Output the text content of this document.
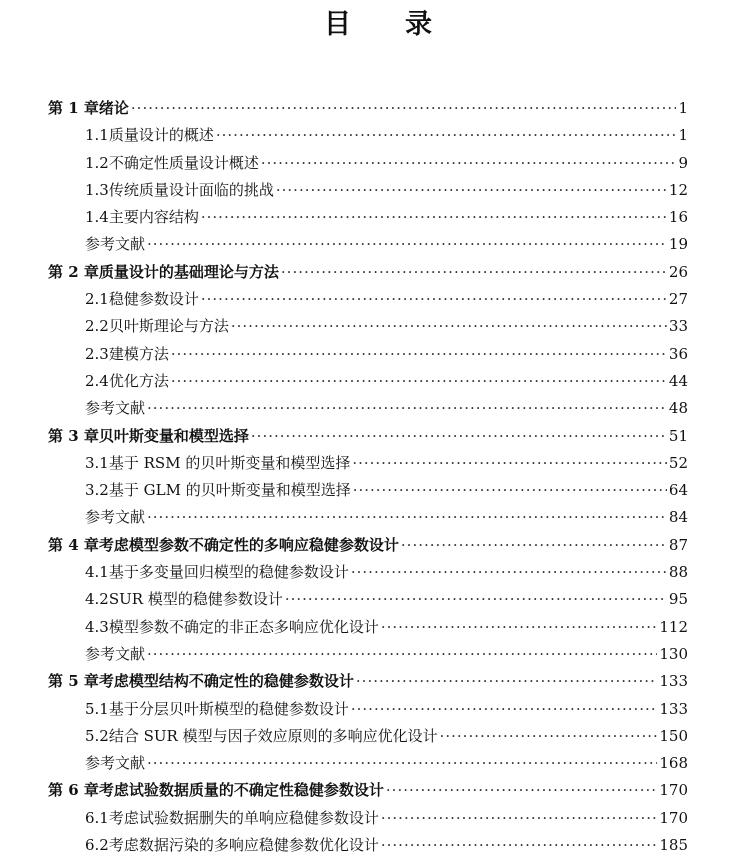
目 录
第 1 章 绪论 ·····	1
1.1 质量设计的概述 ·····	1
1.2 不确定性质量设计概述 ·····	9
1.3 传统质量设计面临的挑战 ·····	12
1.4 主要内容结构 ·····	16
参考文献 ·····	19
第 2 章 质量设计的基础理论与方法 ·····	26
2.1 稳健参数设计 ·····	27
2.2 贝叶斯理论与方法 ·····	33
2.3 建模方法 ·····	36
2.4 优化方法 ·····	44
参考文献 ·····	48
第 3 章 贝叶斯变量和模型选择 ·····	51
3.1 基于 RSM 的贝叶斯变量和模型选择 ·····	52
3.2 基于 GLM 的贝叶斯变量和模型选择 ·····	64
参考文献 ·····	84
第 4 章 考虑模型参数不确定性的多响应稳健参数设计 ·····	87
4.1 基于多变量回归模型的稳健参数设计 ·····	88
4.2 SUR 模型的稳健参数设计 ·····	95
4.3 模型参数不确定的非正态多响应优化设计 ·····	112
参考文献 ·····	130
第 5 章 考虑模型结构不确定性的稳健参数设计 ·····	133
5.1 基于分层贝叶斯模型的稳健参数设计 ·····	133
5.2 结合 SUR 模型与因子效应原则的多响应优化设计 ·····	150
参考文献 ·····	168
第 6 章 考虑试验数据质量的不确定性稳健参数设计 ·····	170
6.1 考虑试验数据删失的单响应稳健参数设计 ·····	170
6.2 考虑数据污染的多响应稳健参数优化设计 ·····	185
